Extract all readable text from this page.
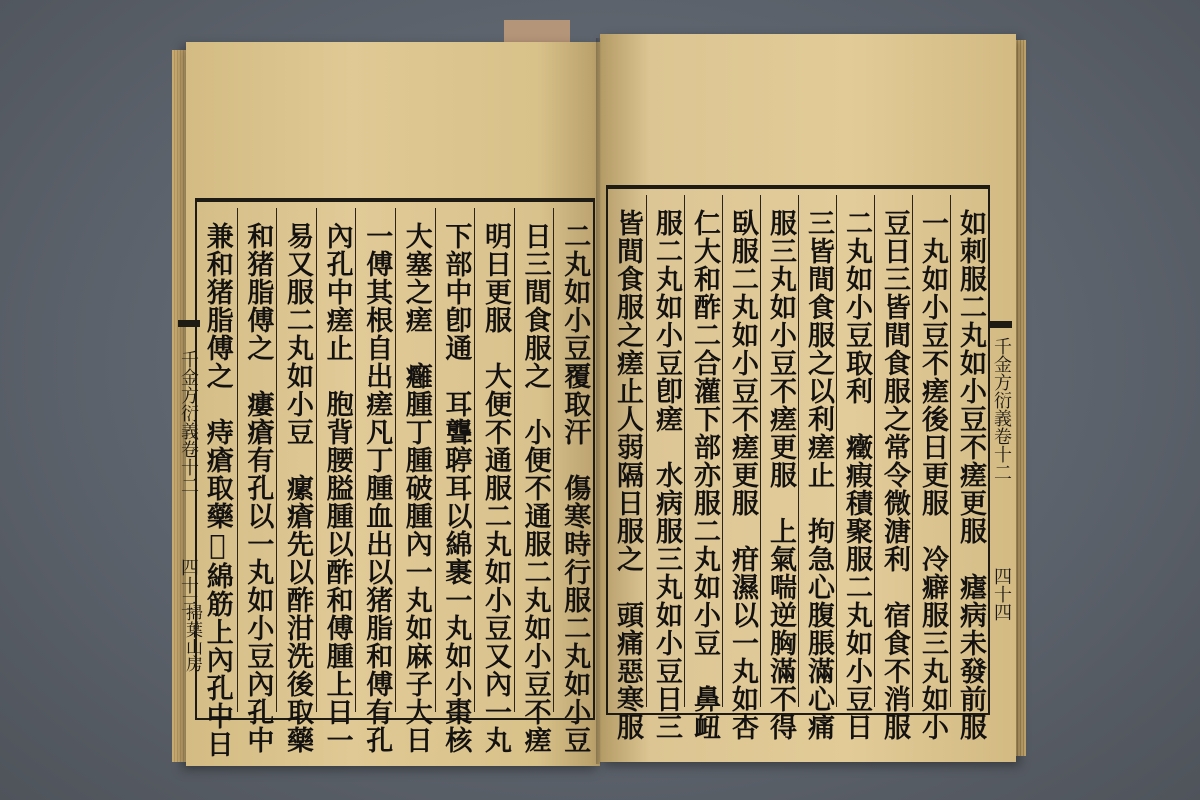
二丸如小豆覆取汗　傷寒時行服二丸如小豆
日三間食服之　小便不通服二丸如小豆不瘥
明日更服　大便不通服二丸如小豆又內一丸
下部中卽通　耳聾聤耳以綿裹一丸如小棗核
大塞之瘥　癰腫丁腫破腫內一丸如麻子大日
一傅其根自出瘥凡丁腫血出以猪脂和傅有孔
內孔中瘥止　胞背腰膉腫以酢和傅腫上日一
易又服二丸如小豆　瘰瘡先以酢泔洗後取藥
和猪脂傅之　瘻瘡有孔以一丸如小豆內孔中
兼和猪脂傅之　痔瘡取藥𢾾綿筋上內孔中日	如刺服二丸如小豆不瘥更服　瘧病未發前服
一丸如小豆不瘥後日更服　冷癖服三丸如小
豆日三皆間食服之常令微溏利　宿食不消服
二丸如小豆取利　癥瘕積聚服二丸如小豆日
三皆間食服之以利瘥止　拘急心腹脹滿心痛
服三丸如小豆不瘥更服　上氣喘逆胸滿不得
臥服二丸如小豆不瘥更服　疳濕以一丸如杏
仁大和酢二合灌下部亦服二丸如小豆　鼻衄
服二丸如小豆卽瘥　水病服三丸如小豆日三
皆間食服之瘥止人弱隔日服之　頭痛惡寒服
千金方衍義卷十二
四十三
掃葉山房
千金方衍義卷十二
四十四
